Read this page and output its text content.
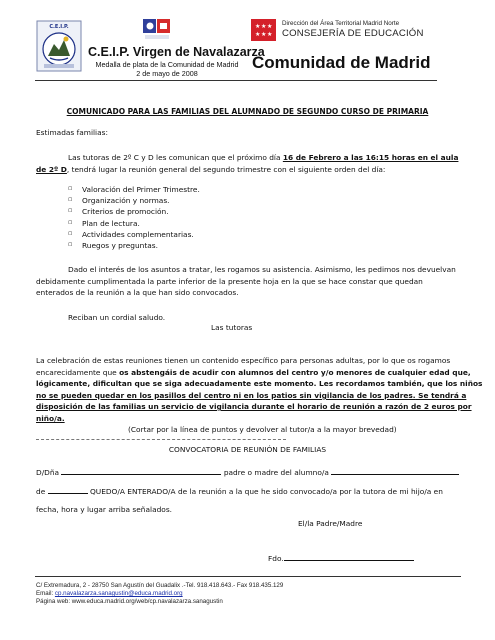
C.E.I.P.	★ ★ ★
★ ★ ★
Dirección del Área Territorial Madrid Norte
CONSEJERÍA DE EDUCACIÓN
C.E.I.P. Virgen de Navalazarza
Medalla de plata de la Comunidad de Madrid
2 de mayo de 2008
Comunidad de Madrid
COMUNICADO PARA LAS FAMILIAS DEL ALUMNADO DE SEGUNDO CURSO DE PRIMARIA
Estimadas familias:
Las tutoras de 2º C y D les comunican que el próximo día 16 de Febrero a las 16:15 horas en el aula
de 2º D, tendrá lugar la reunión general del segundo trimestre con el siguiente orden del día:
▫ Valoración del Primer Trimestre.
▫ Organización y normas.
▫ Criterios de promoción.
▫ Plan de lectura.
▫ Actividades complementarias.
▫ Ruegos y preguntas.
Dado el interés de los asuntos a tratar, les rogamos su asistencia. Asimismo, les pedimos nos devuelvan
debidamente cumplimentada la parte inferior de la presente hoja en la que se hace constar que quedan
enterados de la reunión a la que han sido convocados.
Reciban un cordial saludo.
Las tutoras
La celebración de estas reuniones tienen un contenido específico para personas adultas, por lo que os rogamos
encarecidamente que os abstengáis de acudir con alumnos del centro y/o menores de cualquier edad que,
lógicamente, dificultan que se siga adecuadamente este momento. Les recordamos también, que los niños
no se pueden quedar en los pasillos del centro ni en los patios sin vigilancia de los padres. Se tendrá a
disposición de las familias un servicio de vigilancia durante el horario de reunión a razón de 2 euros por
niño/a.
(Cortar por la línea de puntos y devolver al tutor/a a la mayor brevedad)
CONVOCATORIA DE REUNIÓN DE FAMILIAS
D/Dña	padre o madre del alumno/a
de	QUEDO/A ENTERADO/A de la reunión a la que he sido convocado/a por la tutora de mi hijo/a en
fecha, hora y lugar arriba señalados.
El/la Padre/Madre
Fdo.
C/ Extremadura, 2 - 28750 San Agustín del Guadalix .-Tel. 918.418.643.- Fax 918.435.129
Email: cp.navalazarza.sanagustin@educa.madrid.org
Página web: www.educa.madrid.org/web/cp.navalazarza.sanagustin
